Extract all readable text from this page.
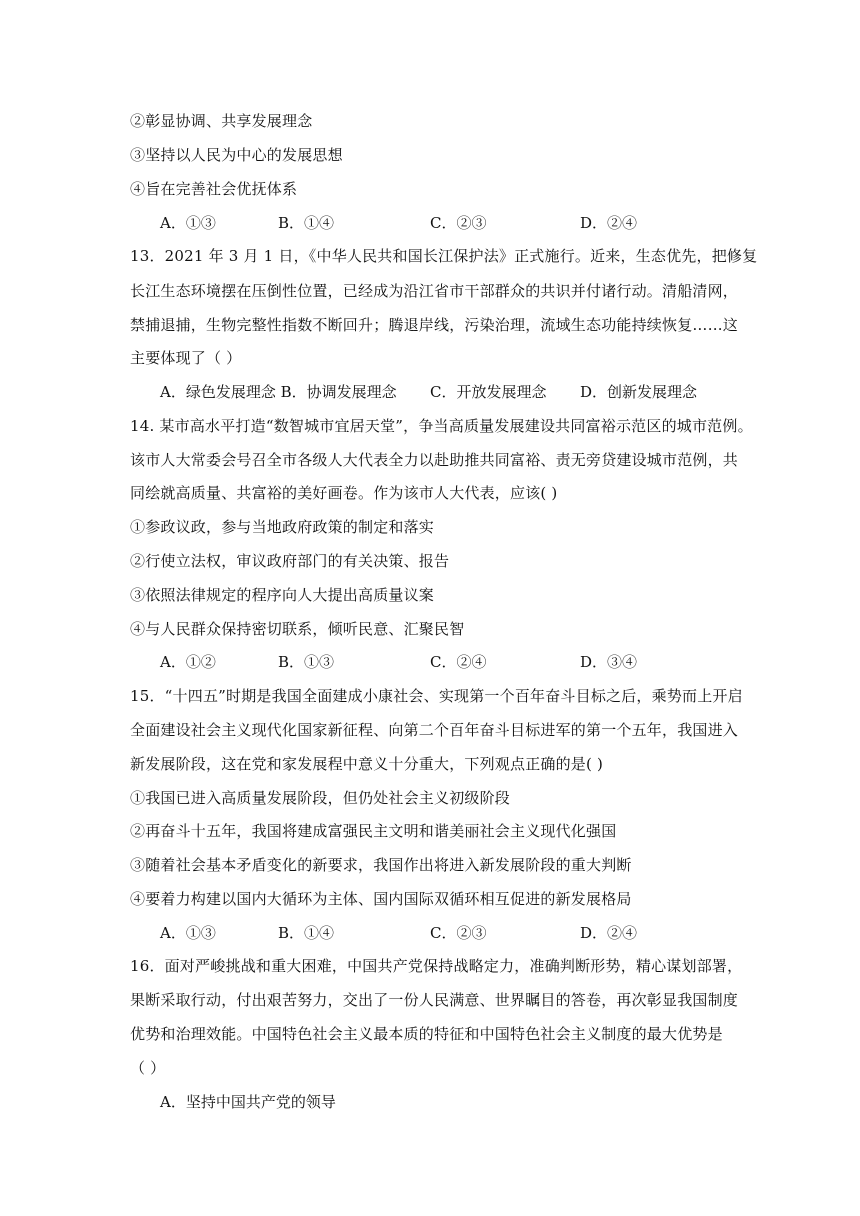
②彰显协调、共享发展理念
③坚持以人民为中心的发展思想
④旨在完善社会优抚体系
A．①③	B．①④	C．②③	D．②④
13．2021 年 3 月 1 日，《中华人民共和国长江保护法》正式施行。近来，生态优先，把修复
长江生态环境摆在压倒性位置，已经成为沿江省市干部群众的共识并付诸行动。清船清网，
禁捕退捕，生物完整性指数不断回升；腾退岸线，污染治理，流域生态功能持续恢复……这
主要体现了（ ）
A．绿色发展理念 B．协调发展理念 C．开放发展理念 D．创新发展理念
14. 某市高水平打造“数智城市宜居天堂”，争当高质量发展建设共同富裕示范区的城市范例。
该市人大常委会号召全市各级人大代表全力以赴助推共同富裕、责无旁贷建设城市范例，共
同绘就高质量、共富裕的美好画卷。作为该市人大代表，应该( )
①参政议政，参与当地政府政策的制定和落实
②行使立法权，审议政府部门的有关决策、报告
③依照法律规定的程序向人大提出高质量议案
④与人民群众保持密切联系，倾听民意、汇聚民智
A．①②	B．①③	C．②④	D．③④
15．“十四五”时期是我国全面建成小康社会、实现第一个百年奋斗目标之后，乘势而上开启
全面建设社会主义现代化国家新征程、向第二个百年奋斗目标进军的第一个五年，我国进入
新发展阶段，这在党和家发展程中意义十分重大，下列观点正确的是( )
①我国已进入高质量发展阶段，但仍处社会主义初级阶段
②再奋斗十五年，我国将建成富强民主文明和谐美丽社会主义现代化强国
③随着社会基本矛盾变化的新要求，我国作出将进入新发展阶段的重大判断
④要着力构建以国内大循环为主体、国内国际双循环相互促进的新发展格局
A．①③	B．①④	C．②③	D．②④
16．面对严峻挑战和重大困难，中国共产党保持战略定力，准确判断形势，精心谋划部署，
果断采取行动，付出艰苦努力，交出了一份人民满意、世界瞩目的答卷，再次彰显我国制度
优势和治理效能。中国特色社会主义最本质的特征和中国特色社会主义制度的最大优势是
（ ）
A．坚持中国共产党的领导
